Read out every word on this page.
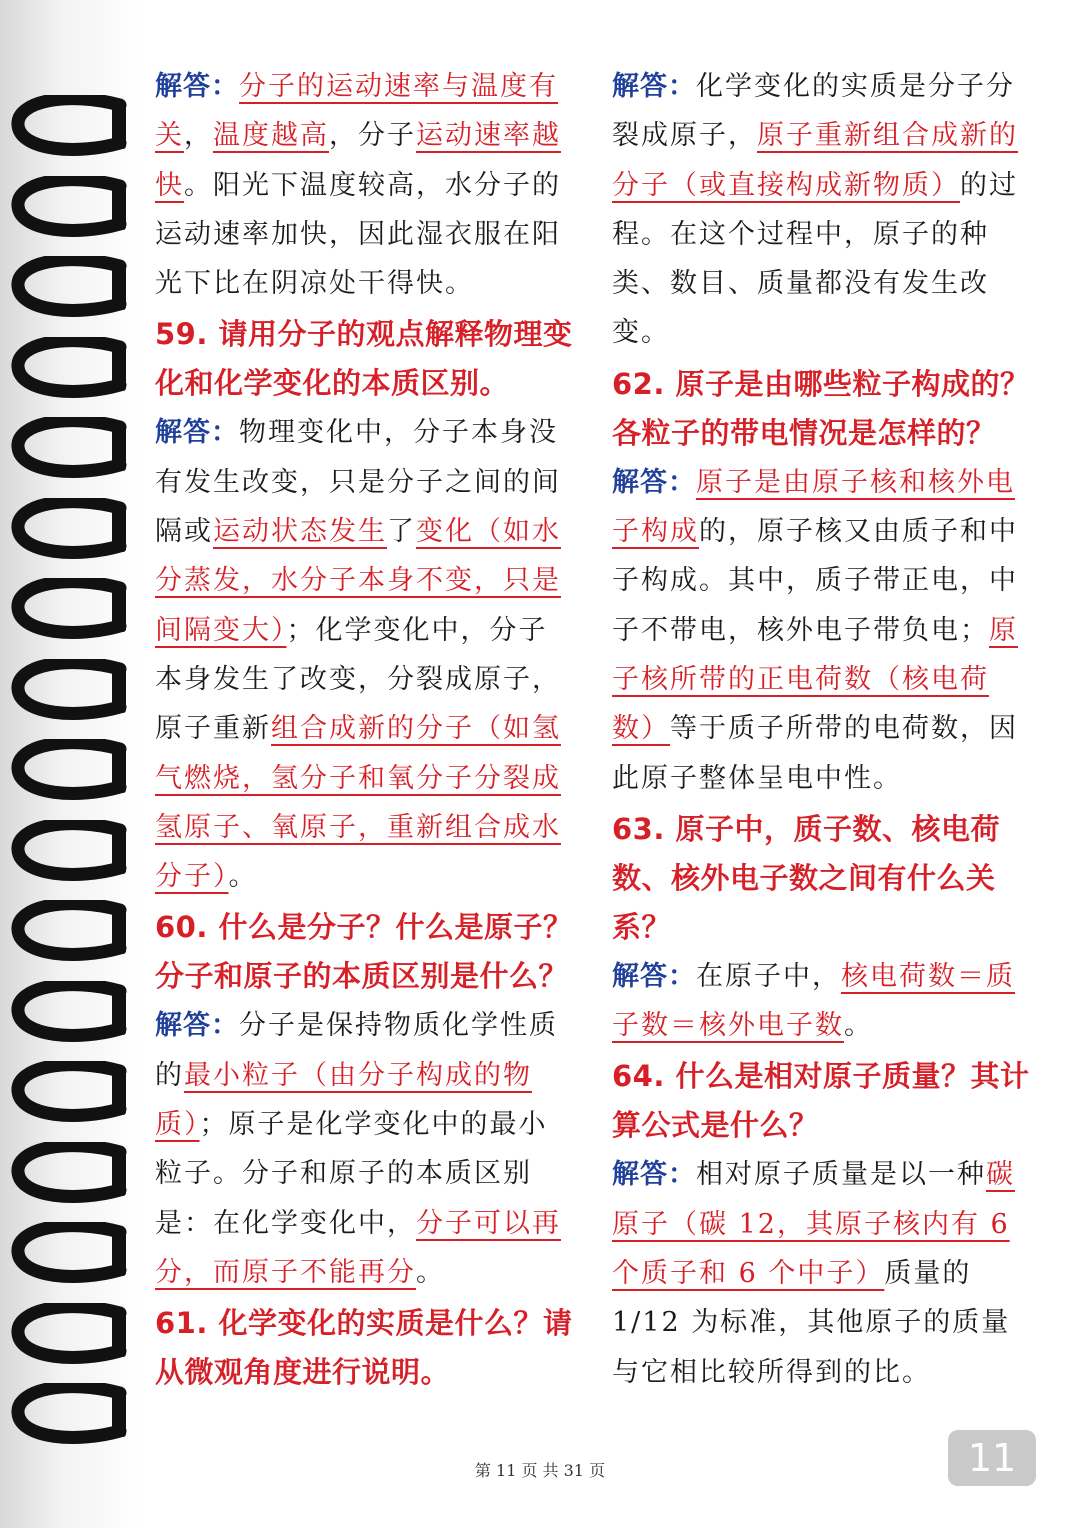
解答：分子的运动速率与温度有关，温度越高，分子运动速率越快。阳光下温度较高，水分子的运动速率加快，因此湿衣服在阳光下比在阴凉处干得快。

59. 请用分子的观点解释物理变化和化学变化的本质区别。

解答：物理变化中，分子本身没有发生改变，只是分子之间的间隔或运动状态发生了变化（如水分蒸发，水分子本身不变，只是间隔变大）；化学变化中，分子本身发生了改变，分裂成原子，原子重新组合成新的分子（如氢气燃烧，氢分子和氧分子分裂成氢原子、氧原子，重新组合成水分子）。

60. 什么是分子？什么是原子？分子和原子的本质区别是什么？

解答：分子是保持物质化学性质的最小粒子（由分子构成的物质）；原子是化学变化中的最小粒子。分子和原子的本质区别是：在化学变化中，分子可以再分，而原子不能再分。

61. 化学变化的实质是什么？请从微观角度进行说明。

解答：化学变化的实质是分子分裂成原子，原子重新组合成新的分子（或直接构成新物质）的过程。在这个过程中，原子的种类、数目、质量都没有发生改变。

62. 原子是由哪些粒子构成的？各粒子的带电情况是怎样的？

解答：原子是由原子核和核外电子构成的，原子核又由质子和中子构成。其中，质子带正电，中子不带电，核外电子带负电；原子核所带的正电荷数（核电荷数）等于质子所带的电荷数，因此原子整体呈电中性。

63. 原子中，质子数、核电荷数、核外电子数之间有什么关系？

解答：在原子中，核电荷数＝质子数＝核外电子数。

64. 什么是相对原子质量？其计算公式是什么？

解答：相对原子质量是以一种碳原子（碳 12，其原子核内有 6 个质子和 6 个中子）质量的 1/12 为标准，其他原子的质量与它相比较所得到的比。

第 11 页 共 31 页	11
